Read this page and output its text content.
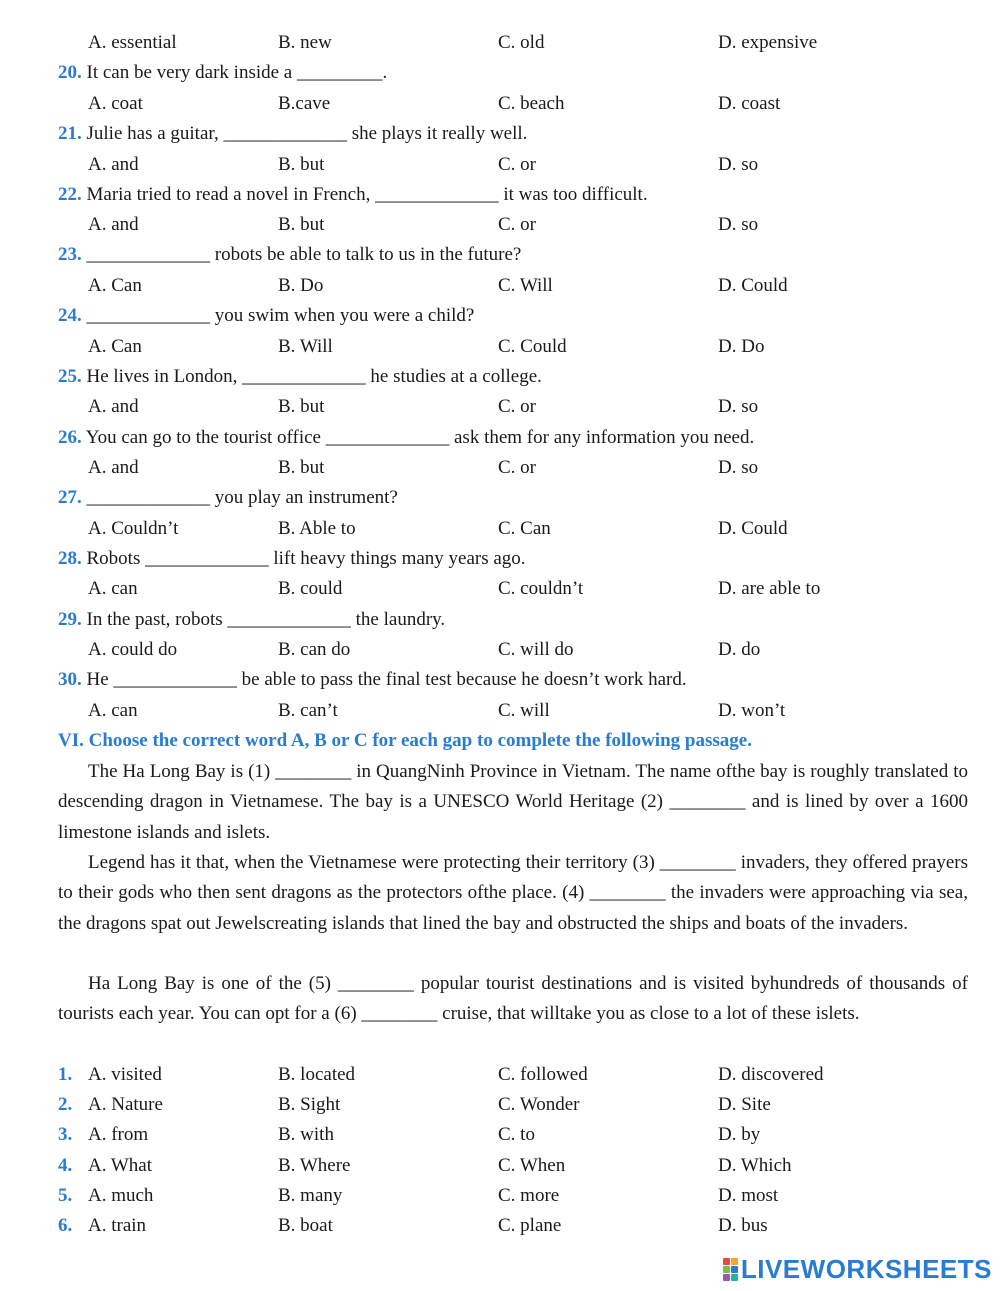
A. essential	B. new	C. old	D. expensive
20. It can be very dark inside a _________.
A. coat	B.cave	C. beach	D. coast
21. Julie has a guitar, _____________ she plays it really well.
A. and	B. but	C. or	D. so
22. Maria tried to read a novel in French, _____________ it was too difficult.
A. and	B. but	C. or	D. so
23. _____________ robots be able to talk to us in the future?
A. Can	B. Do	C. Will	D. Could
24. _____________ you swim when you were a child?
A. Can	B. Will	C. Could	D. Do
25. He lives in London, _____________ he studies at a college.
A. and	B. but	C. or	D. so
26. You can go to the tourist office _____________ ask them for any information you need.
A. and	B. but	C. or	D. so
27. _____________ you play an instrument?
A. Couldn’t	B. Able to	C. Can	D. Could
28. Robots _____________ lift heavy things many years ago.
A. can	B. could	C. couldn’t	D. are able to
29. In the past, robots _____________ the laundry.
A. could do	B. can do	C. will do	D. do
30. He _____________ be able to pass the final test because he doesn’t work hard.
A. can	B. can’t	C. will	D. won’t
VI. Choose the correct word A, B or C for each gap to complete the following passage.

The Ha Long Bay is (1) ________ in QuangNinh Province in Vietnam. The name ofthe bay is roughly translated to descending dragon in Vietnamese. The bay is a UNESCO World Heritage (2) ________ and is lined by over a 1600 limestone islands and islets.

Legend has it that, when the Vietnamese were protecting their territory (3) ________ invaders, they offered prayers to their gods who then sent dragons as the protectors ofthe place. (4) ________ the invaders were approaching via sea, the dragons spat out Jewelscreating islands that lined the bay and obstructed the ships and boats of the invaders.

Ha Long Bay is one of the (5) ________ popular tourist destinations and is visited byhundreds of thousands of tourists each year. You can opt for a (6) ________ cruise, that willtake you as close to a lot of these islets.

1. A. visited	B. located	C. followed	D. discovered
2. A. Nature	B. Sight	C. Wonder	D. Site
3. A. from	B. with	C. to	D. by
4. A. What	B. Where	C. When	D. Which
5. A. much	B. many	C. more	D. most
6. A. train	B. boat	C. plane	D. bus
LIVEWORKSHEETS
